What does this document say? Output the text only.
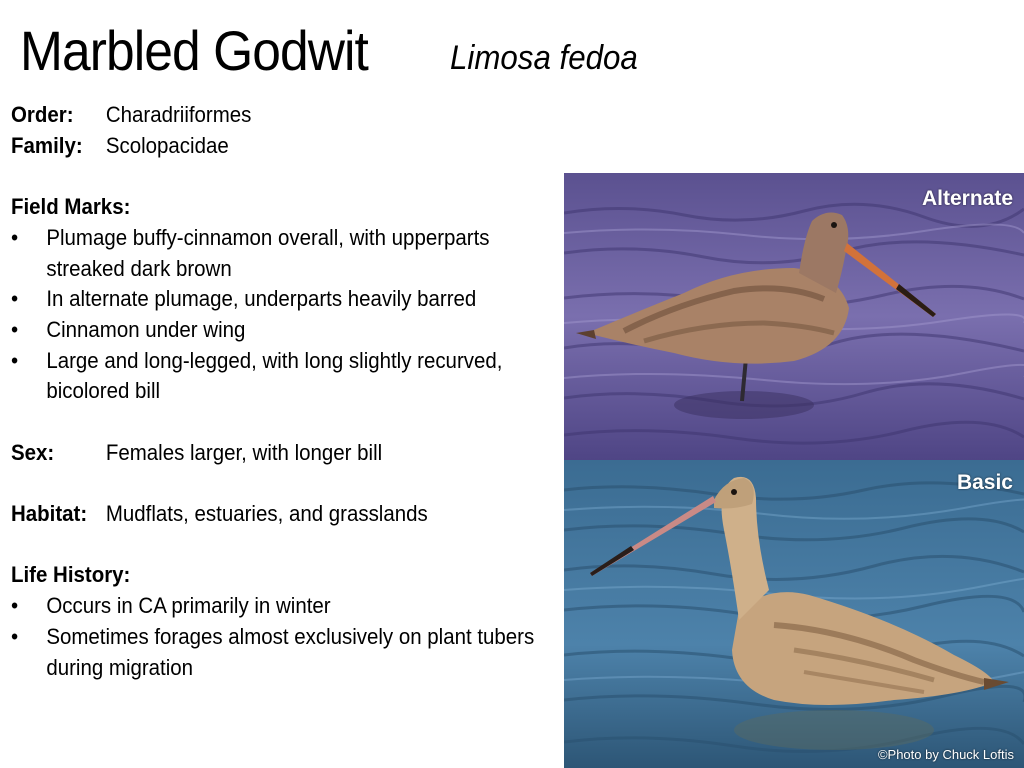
Marbled Godwit Limosa fedoa
Order:	Charadriiformes
Family:	Scolopacidae
Field Marks:
•	Plumage buffy-cinnamon overall, with upperparts
streaked dark brown
•	In alternate plumage, underparts heavily barred
•	Cinnamon under wing
•	Large and long-legged, with long slightly recurved,
bicolored bill
Sex:	Females larger, with longer bill
Habitat: Mudflats, estuaries, and grasslands
Life History:
•	Occurs in CA primarily in winter
•	Sometimes forages almost exclusively on plant tubers
during migration
Alternate
Basic
©Photo by Chuck Loftis
